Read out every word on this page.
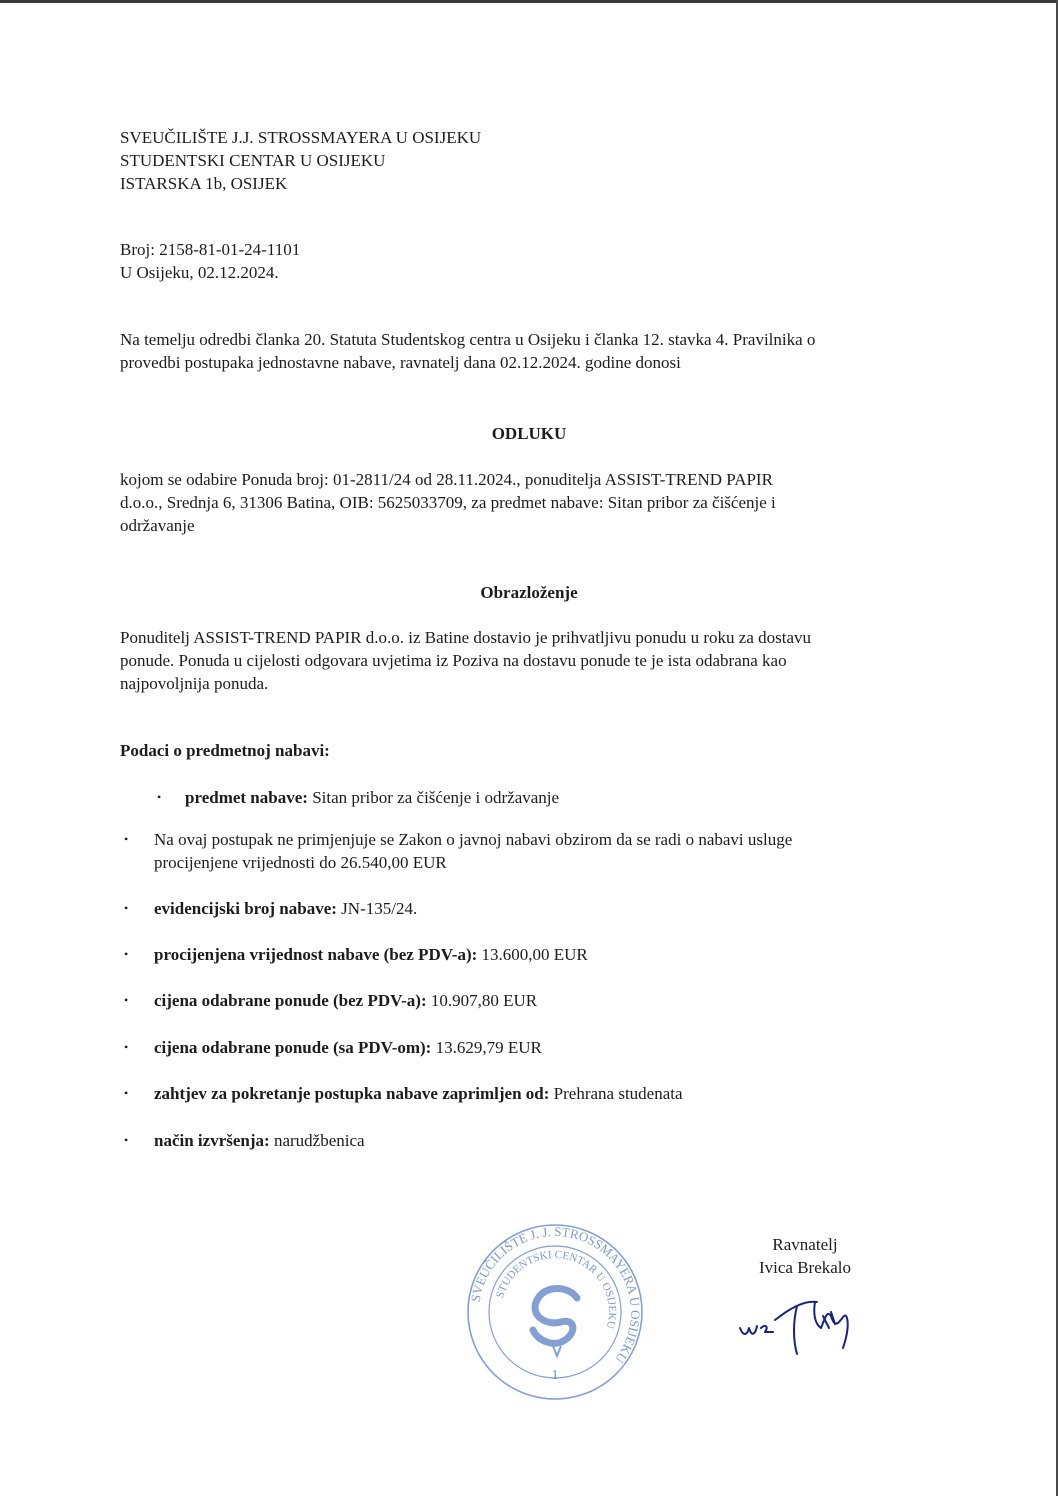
SVEUČILIŠTE J.J. STROSSMAYERA U OSIJEKU
STUDENTSKI CENTAR U OSIJEKU
ISTARSKA 1b, OSIJEK
Broj: 2158-81-01-24-1101
U Osijeku, 02.12.2024.
Na temelju odredbi članka 20. Statuta Studentskog centra u Osijeku i članka 12. stavka 4. Pravilnika o
provedbi postupaka jednostavne nabave, ravnatelj dana 02.12.2024. godine donosi
ODLUKU
kojom se odabire Ponuda broj: 01-2811/24 od 28.11.2024., ponuditelja ASSIST-TREND PAPIR
d.o.o., Srednja 6, 31306 Batina, OIB: 5625033709, za predmet nabave: Sitan pribor za čišćenje i
održavanje
Obrazloženje
Ponuditelj ASSIST-TREND PAPIR d.o.o. iz Batine dostavio je prihvatljivu ponudu u roku za dostavu
ponude. Ponuda u cijelosti odgovara uvjetima iz Poziva na dostavu ponude te je ista odabrana kao
najpovoljnija ponuda.
Podaci o predmetnoj nabavi:
• predmet nabave: Sitan pribor za čišćenje i održavanje
• Na ovaj postupak ne primjenjuje se Zakon o javnoj nabavi obzirom da se radi o nabavi usluge
procijenjene vrijednosti do 26.540,00 EUR
• evidencijski broj nabave: JN-135/24.
• procijenjena vrijednost nabave (bez PDV-a): 13.600,00 EUR
• cijena odabrane ponude (bez PDV-a): 10.907,80 EUR
• cijena odabrane ponude (sa PDV-om): 13.629,79 EUR
• zahtjev za pokretanje postupka nabave zaprimljen od: Prehrana studenata
• način izvršenja: narudžbenica
SVEUČILIŠTE J. J. STROSSMAYERA U OSIJEKU
STUDENTSKI CENTAR U OSIJEKU
1
Ravnatelj
Ivica Brekalo
